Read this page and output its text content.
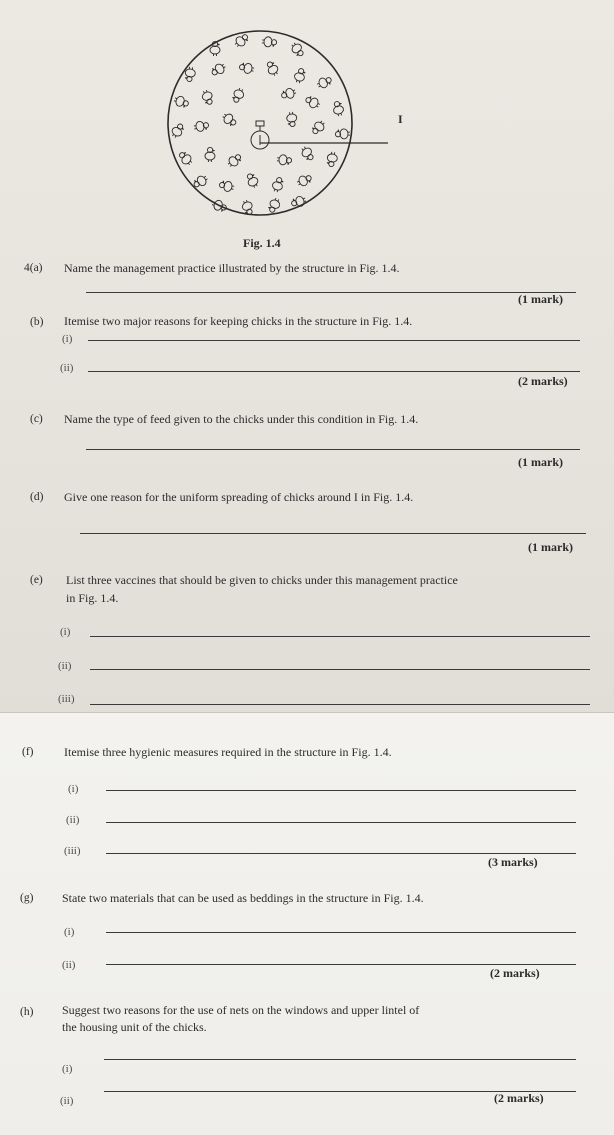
I
Fig. 1.4
4(a) Name the management practice illustrated by the structure in Fig. 1.4.
(1 mark)
(b) Itemise two major reasons for keeping chicks in the structure in Fig. 1.4.
(i)
(ii)
(2 marks)
(c) Name the type of feed given to the chicks under this condition in Fig. 1.4.
(1 mark)
(d) Give one reason for the uniform spreading of chicks around I in Fig. 1.4.
(1 mark)
(e) List three vaccines that should be given to chicks under this management practice
in Fig. 1.4.
(i)
(ii)
(iii)
(f)	Itemise three hygienic measures required in the structure in Fig. 1.4.
(i)
(ii)
(iii)
(3 marks)
(g) State two materials that can be used as beddings in the structure in Fig. 1.4.
(i)
(ii)
(2 marks)
(h) Suggest two reasons for the use of nets on the windows and upper lintel of
the housing unit of the chicks.
(i)
(ii)	(2 marks)
